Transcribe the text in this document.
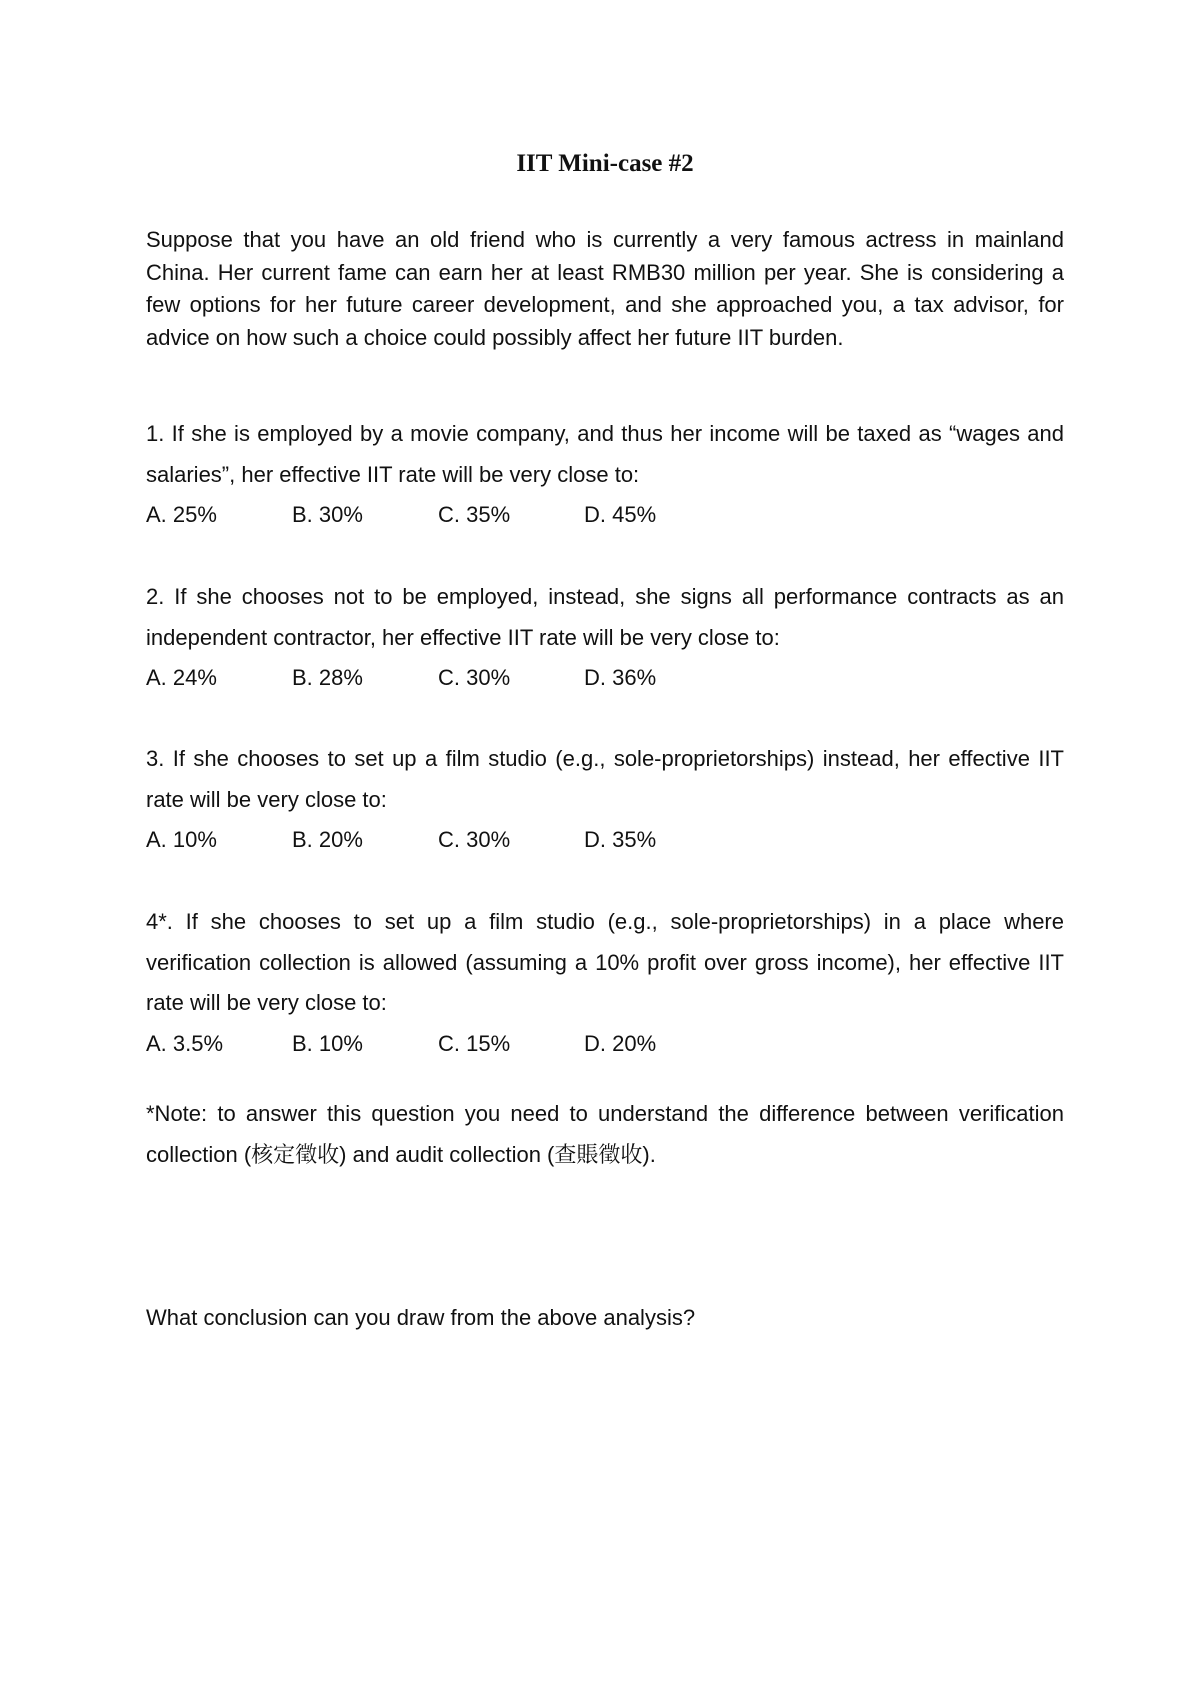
IIT Mini-case #2

Suppose that you have an old friend who is currently a very famous actress in mainland China. Her current fame can earn her at least RMB30 million per year. She is considering a few options for her future career development, and she approached you, a tax advisor, for advice on how such a choice could possibly affect her future IIT burden.

1. If she is employed by a movie company, and thus her income will be taxed as “wages and salaries”, her effective IIT rate will be very close to:

A. 25%	B. 30%	C. 35%	D. 45%

2. If she chooses not to be employed, instead, she signs all performance contracts as an independent contractor, her effective IIT rate will be very close to:

A. 24%	B. 28%	C. 30%	D. 36%

3. If she chooses to set up a film studio (e.g., sole-proprietorships) instead, her effective IIT rate will be very close to:

A. 10%	B. 20%	C. 30%	D. 35%

4*. If she chooses to set up a film studio (e.g., sole-proprietorships) in a place where verification collection is allowed (assuming a 10% profit over gross income), her effective IIT rate will be very close to:

A. 3.5%	B. 10%	C. 15%	D. 20%

*Note: to answer this question you need to understand the difference between verification collection (核定徵收) and audit collection (查賬徵收).

What conclusion can you draw from the above analysis?
